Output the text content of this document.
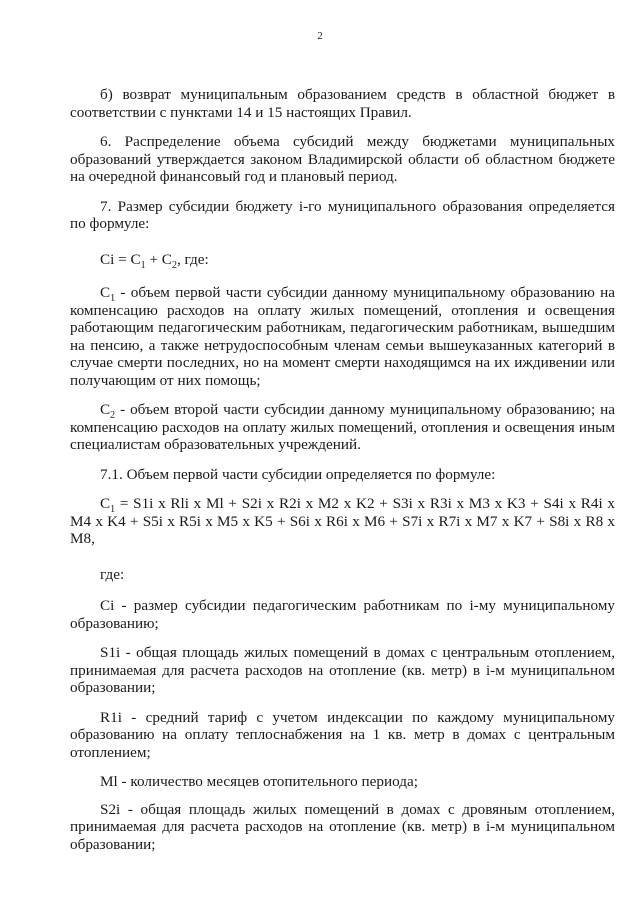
2

б) возврат муниципальным образованием средств в областной бюджет в соответствии с пунктами 14 и 15 настоящих Правил.

6. Распределение объема субсидий между бюджетами муниципальных образований утверждается законом Владимирской области об областном бюджете на очередной финансовый год и плановый период.

7. Размер субсидии бюджету i-го муниципального образования определяется по формуле:

$Ci = C_1 + C_2$, где:

$C_1$ - объем первой части субсидии данному муниципальному образованию на компенсацию расходов на оплату жилых помещений, отопления и освещения работающим педагогическим работникам, педагогическим работникам, вышедшим на пенсию, а также нетрудоспособным членам семьи вышеуказанных категорий в случае смерти последних, но на момент смерти находящимся на их иждивении или получающим от них помощь;

$C_2$ - объем второй части субсидии данному муниципальному образованию; на компенсацию расходов на оплату жилых помещений, отопления и освещения иным специалистам образовательных учреждений.

7.1. Объем первой части субсидии определяется по формуле:

$C_1 = S1i$ x Rli x Ml + S2i x R2i x M2 x K2 + S3i x R3i x M3 x K3 + S4i x R4i x M4 x K4 + S5i x R5i x M5 x K5 + S6i x R6i x M6 + S7i x R7i x M7 x K7 + S8i x R8 x M8,

где:

Ci - размер субсидии педагогическим работникам по i-му муниципальному образованию;

S1i - общая площадь жилых помещений в домах с центральным отоплением, принимаемая для расчета расходов на отопление (кв. метр) в i-м муниципальном образовании;

R1i - средний тариф с учетом индексации по каждому муниципальному образованию на оплату теплоснабжения на 1 кв. метр в домах с центральным отоплением;

Ml - количество месяцев отопительного периода;

S2i - общая площадь жилых помещений в домах с дровяным отоплением, принимаемая для расчета расходов на отопление (кв. метр) в i-м муниципальном образовании;
